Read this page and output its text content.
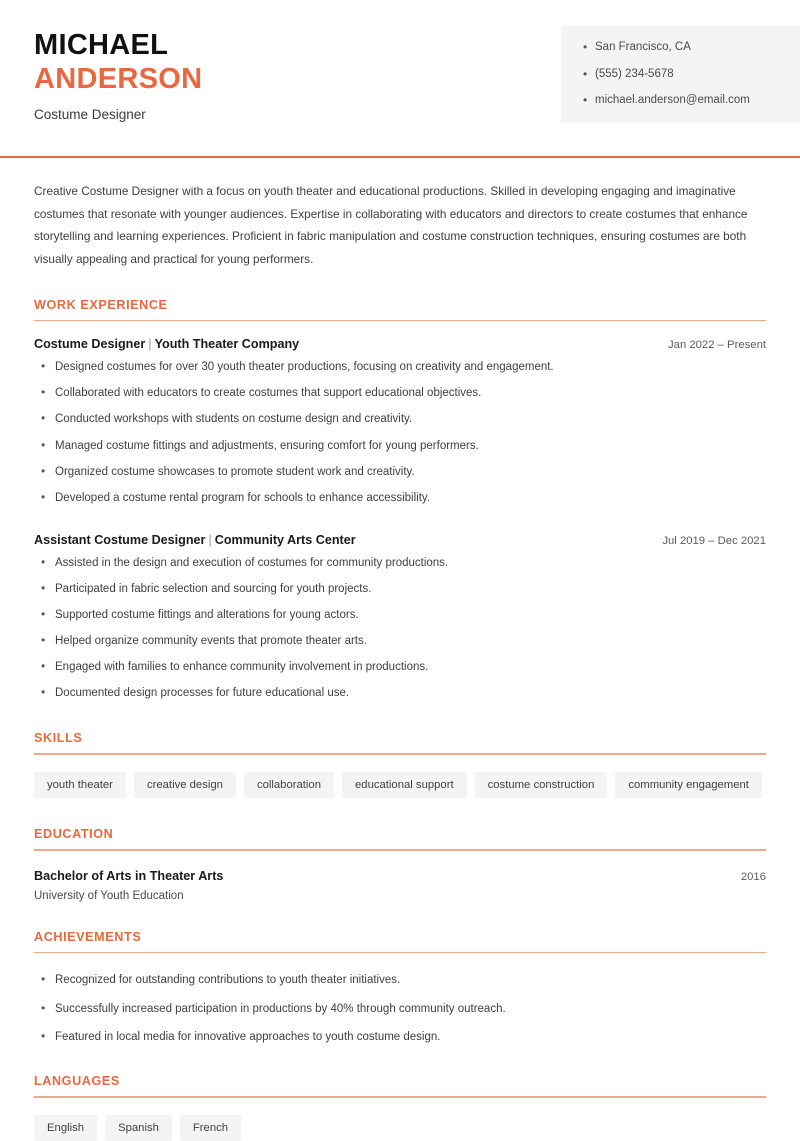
MICHAEL
ANDERSON
Costume Designer
• San Francisco, CA
• (555) 234-5678
• michael.anderson@email.com

Creative Costume Designer with a focus on youth theater and educational productions. Skilled in developing engaging and imaginative costumes that resonate with younger audiences. Expertise in collaborating with educators and directors to create costumes that enhance storytelling and learning experiences. Proficient in fabric manipulation and costume construction techniques, ensuring costumes are both visually appealing and practical for young performers.

WORK EXPERIENCE
Costume Designer | Youth Theater Company	Jan 2022 – Present
• Designed costumes for over 30 youth theater productions, focusing on creativity and engagement.
• Collaborated with educators to create costumes that support educational objectives.
• Conducted workshops with students on costume design and creativity.
• Managed costume fittings and adjustments, ensuring comfort for young performers.
• Organized costume showcases to promote student work and creativity.
• Developed a costume rental program for schools to enhance accessibility.
Assistant Costume Designer | Community Arts Center	Jul 2019 – Dec 2021
• Assisted in the design and execution of costumes for community productions.
• Participated in fabric selection and sourcing for youth projects.
• Supported costume fittings and alterations for young actors.
• Helped organize community events that promote theater arts.
• Engaged with families to enhance community involvement in productions.
• Documented design processes for future educational use.
SKILLS
youth theater	creative design	collaboration	educational support	costume construction	community engagement
EDUCATION
Bachelor of Arts in Theater Arts	2016
University of Youth Education
ACHIEVEMENTS
• Recognized for outstanding contributions to youth theater initiatives.
• Successfully increased participation in productions by 40% through community outreach.
• Featured in local media for innovative approaches to youth costume design.
LANGUAGES
English	Spanish	French
